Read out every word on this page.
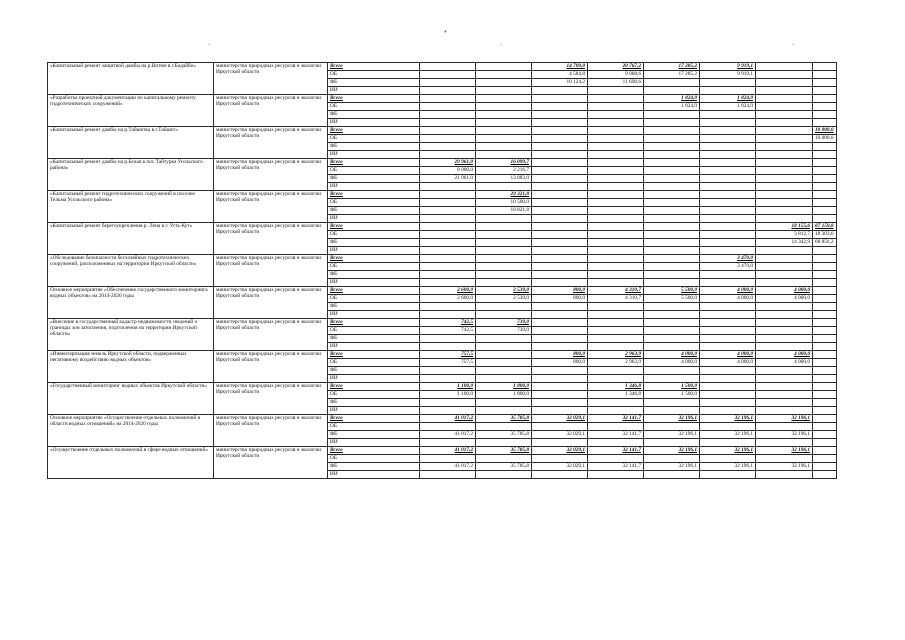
*
.	.	.
«Капитальный ремонт защитной дамбы на р.Витим в г.Бодайбо»	министерство природных ресурсов и экологии Иркутской области	Всего			14 709,0	20 767,2	17 285,2	9 919,1		
		ОБ			4 584,8	9 068,6	17 285,2	9 919,1		
		ФБ			10 124,2	11 698,6				
		ИИ								
«Разработка проектной документации по капитальному ремонту гидротехнических сооружений»	министерство природных ресурсов и экологии Иркутской области	Всего					1 824,0	1 824,0		
		ОБ					1 824,0	1 824,0		
		ФБ								
		ИИ								
«Капитальный ремонт дамбы на р.Тайшетка в г.Тайшет»	министерство природных ресурсов и экологии Иркутской области	Всего								10 000,0
		ОБ								10 000,0
		ФБ								
		ИИ								
«Капитальный ремонт дамбы на р.Белая в пос.Тайтурка Усольского района»	министерство природных ресурсов и экологии Иркутской области	Всего	29 961,0	16 099,7						
		ОБ	8 000,0	2 216,7						
		ФБ	21 961,0	13 883,0						
		ИИ								
«Капитальный ремонт гидротехнических сооружений в поселке Тельма Усольского района»	министерство природных ресурсов и экологии Иркутской области	Всего		29 321,8						
		ОБ		10 500,0						
		ФБ		18 821,8						
		ИИ								
«Капитальный ремонт берегоукрепления р. Лена в г. Усть-Кут»	министерство природных ресурсов и экологии Иркутской области	Всего							18 155,6	87 159,8
		ОБ							3 812,7	18 303,6
		ФБ							14 342,9	68 856,2
		ИИ								
«Обследование безопасности бесхозяйных гидротехнических сооружений, расположенных на территории Иркутской области»	министерство природных ресурсов и экологии Иркутской области	Всего						3 470,0		
		ОБ						3 470,0		
		ФБ								
		ИИ								
Основное мероприятие «Обеспечение государственного мониторинга водных объектов» на 2014-2020 годы	министерство природных ресурсов и экологии Иркутской области	Всего	2 600,0	2 539,0	800,0	4 310,7	5 500,0	4 000,0	4 000,0	
		ОБ	2 600,0	2 539,0	800,0	4 310,7	5 500,0	4 000,0	4 000,0	
		ФБ								
		ИИ								
«Внесение в государственный кадастр недвижимости сведений о границах зон затопления, подтопления на территории Иркутской области»	министерство природных ресурсов и экологии Иркутской области	Всего	742,5	739,0						
		ОБ	742,5	739,0						
		ФБ								
		ИИ								
«Инвентаризация земель Иркутской области, подверженных негативному воздействию водных объектов»	министерство природных ресурсов и экологии Иркутской области	Всего	757,5		800,0	2 963,9	4 000,0	4 000,0	4 000,0	
		ОБ	757,5		800,0	2 963,9	4 000,0	4 000,0	4 000,0	
		ФБ								
		ИИ								
«Государственный мониторинг водных объектов Иркутской области»	министерство природных ресурсов и экологии Иркутской области	Всего	1 100,0	1 800,0		1 346,8	1 500,0			
		ОБ	1 100,0	1 800,0		1 346,8	1 500,0			
		ФБ								
		ИИ								
Основное мероприятие «Осуществление отдельных полномочий в области водных отношений» на 2014-2020 годы	министерство природных ресурсов и экологии Иркутской области	Всего	41 017,2	35 785,8	32 029,1	32 141,7	32 196,1	32 196,1	32 196,1	
		ОБ								
		ФБ	41 017,2	35 785,8	32 029,1	32 141,7	32 196,1	32 196,1	32 196,1	
		ИИ								
«Осуществление отдельных полномочий в сфере водных отношений»	министерство природных ресурсов и экологии Иркутской области	Всего	41 017,2	35 785,8	32 029,1	32 141,7	32 196,1	32 196,1	32 196,1	
		ОБ								
		ФБ	41 017,2	35 785,8	32 029,1	32 141,7	32 196,1	32 196,1	32 196,1	
		ИИ								
